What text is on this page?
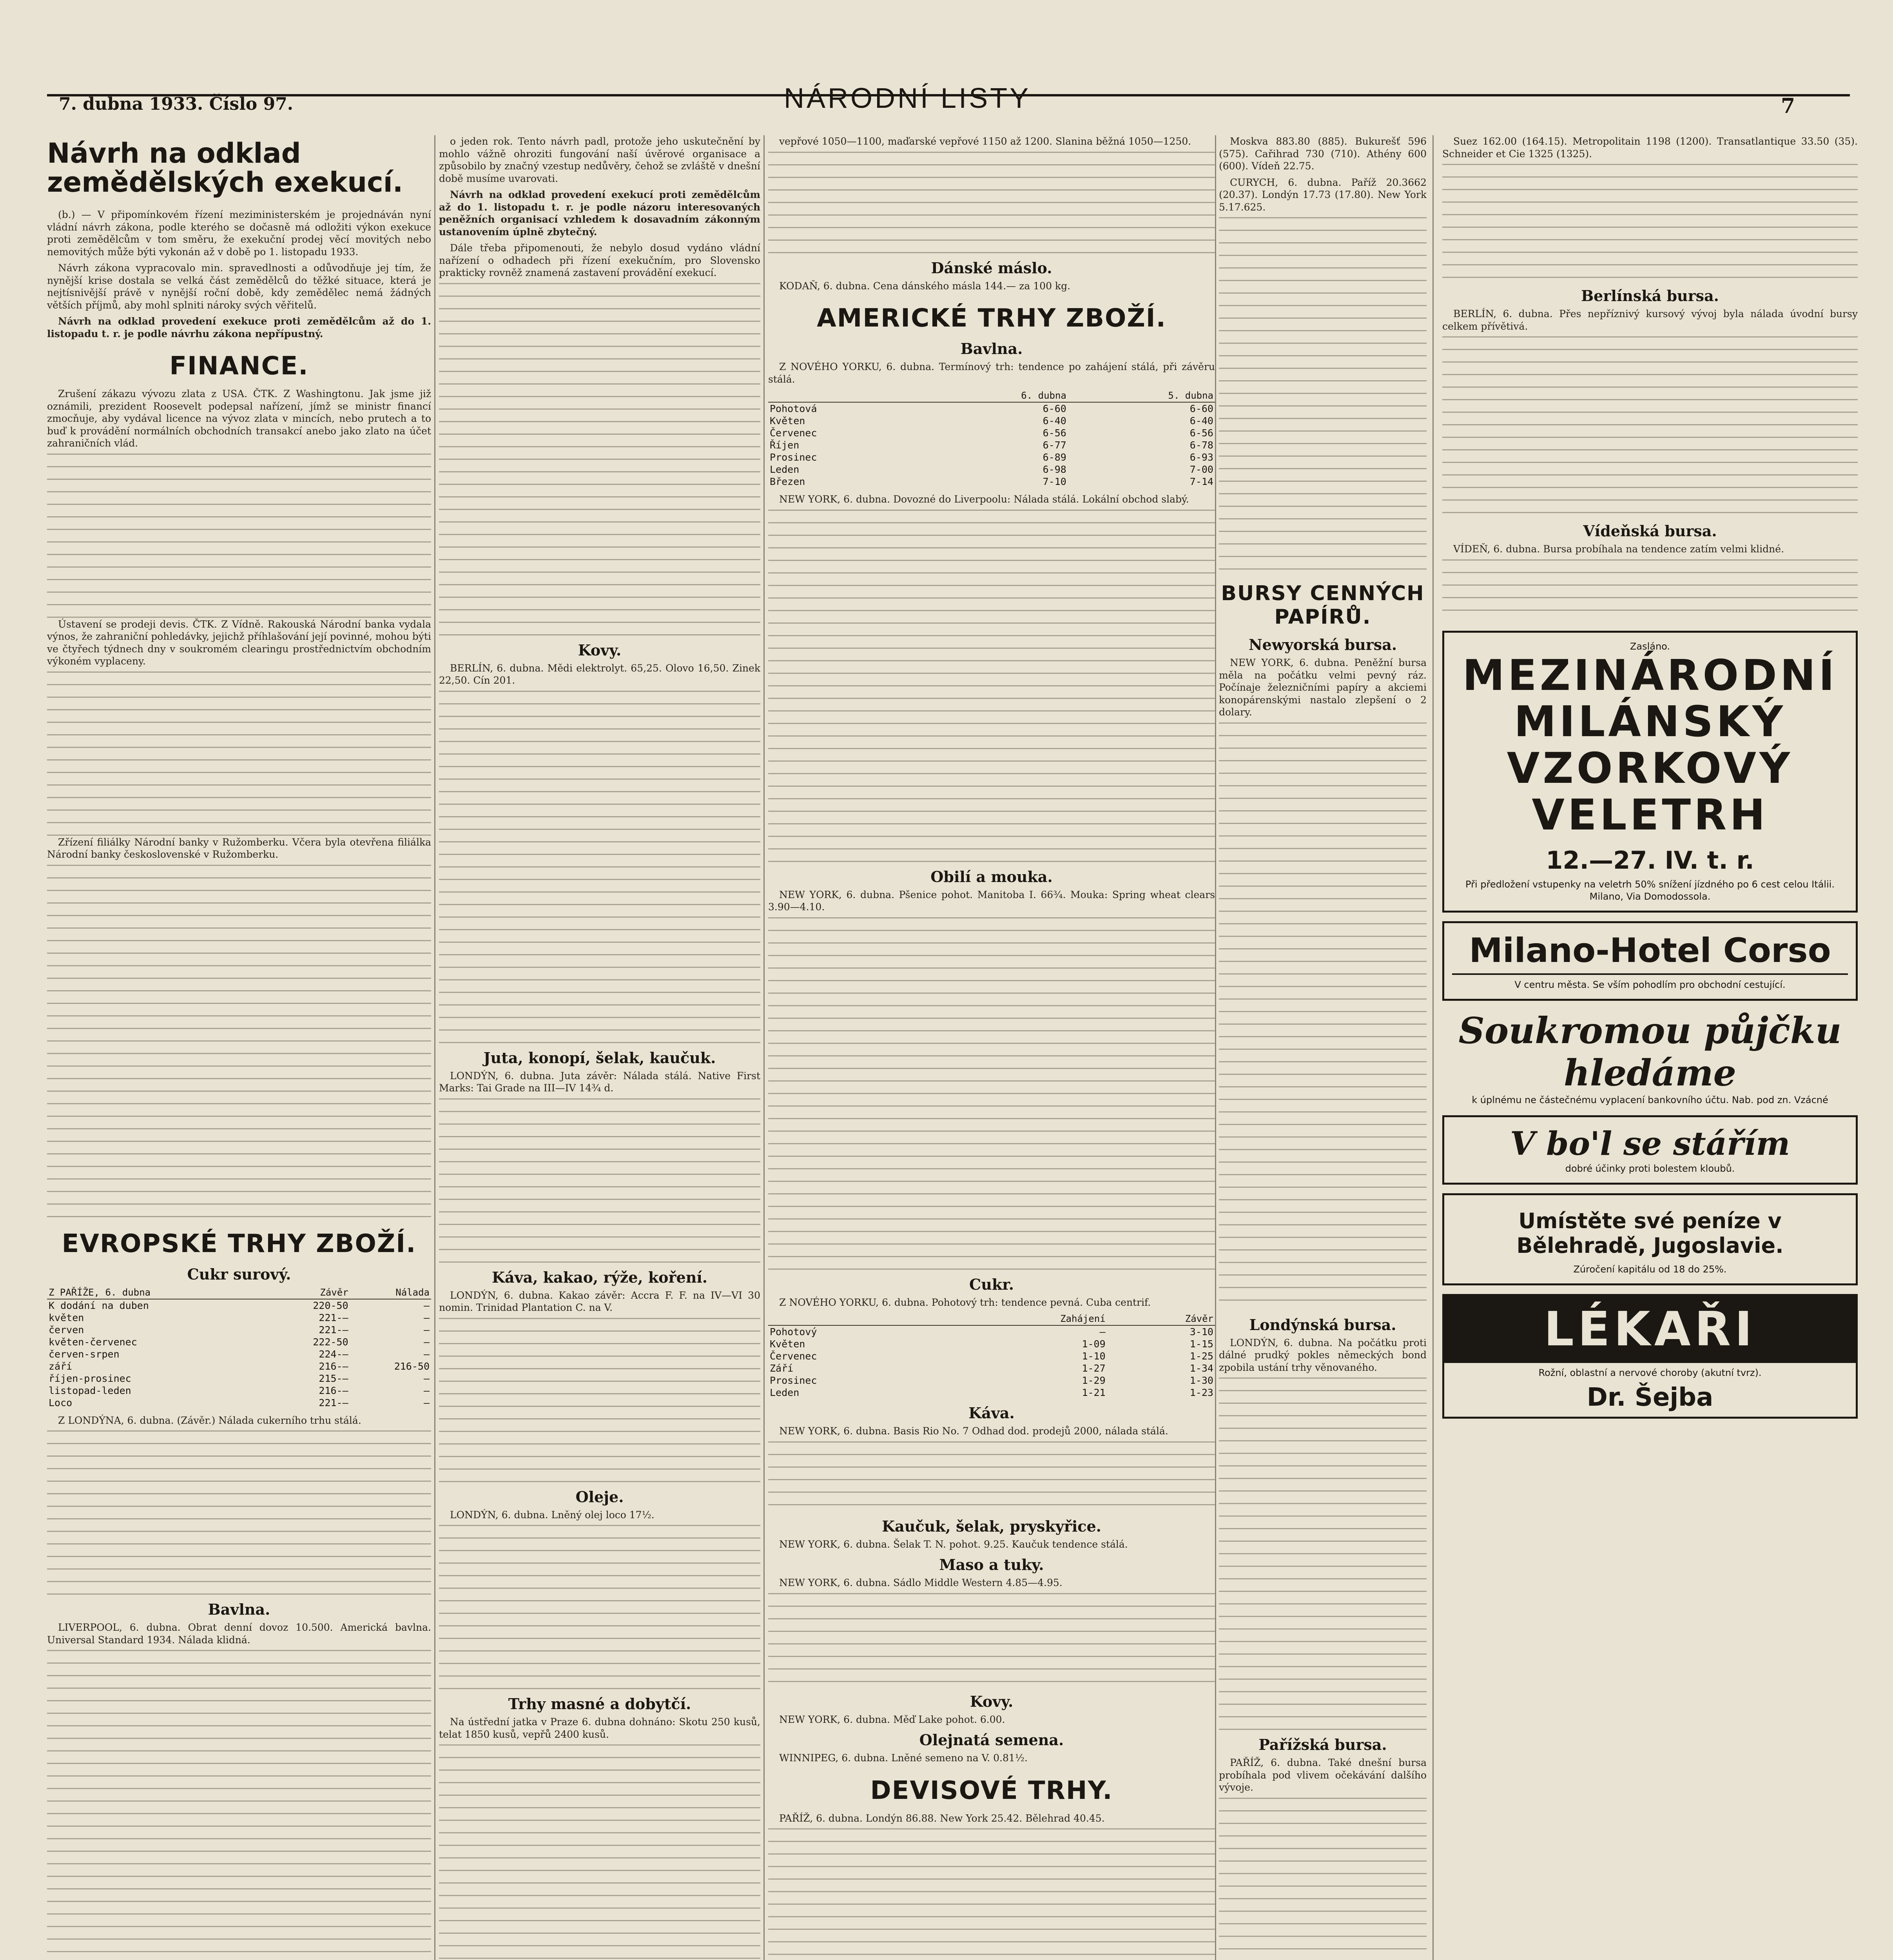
7. dubna 1933. Číslo 97.	NÁRODNÍ LISTY	7
Návrh na odklad zemědělských exekucí.

(b.) — V připomínkovém řízení meziministerském je projednáván nyní vládní návrh zákona, podle kterého se dočasně má odložiti výkon exekuce proti zemědělcům v tom směru, že exekuční prodej věcí movitých nebo nemovitých může býti vykonán až v době po 1. listopadu 1933.

Návrh zákona vypracovalo min. spravedlnosti a odůvodňuje jej tím, že nynější krise dostala se velká část zemědělců do těžké situace, která je nejtísnivější právě v nynější roční době, kdy zemědělec nemá žádných větších příjmů, aby mohl splniti nároky svých věřitelů.

Návrh na odklad provedení exekuce proti zemědělcům až do 1. listopadu t. r. je podle návrhu zákona nepřípustný.

FINANCE.

Zrušení zákazu vývozu zlata z USA. ČTK. Z Washingtonu. Jak jsme již oznámili, prezident Roosevelt podepsal nařízení, jímž se ministr financí zmocňuje, aby vydával licence na vývoz zlata v mincích, nebo prutech a to buď k provádění normálních obchodních transakcí anebo jako zlato na účet zahraničních vlád.

Ústavení se prodeji devis. ČTK. Z Vídně. Rakouská Národní banka vydala výnos, že zahraniční pohledávky, jejichž příhlašování její povinné, mohou býti ve čtyřech týdnech dny v soukromém clearingu prostřednictvím obchodním výkoném vyplaceny.

Zřízení filiálky Národní banky v Ružomberku. Včera byla otevřena filiálka Národní banky československé v Ružomberku.

EVROPSKÉ TRHY ZBOŽÍ.
Cukr surový.
Z PAŘÍŽE, 6. dubna	Závěr	Nálada
K dodání na duben	220-50	—
květen	221-—	—
červen	221-—	—
květen-červenec	222-50	—
červen-srpen	224-—	—
září	216-—	216-50
říjen-prosinec	215-—	—
listopad-leden	216-—	—
Loco	221-—	—

Z LONDÝNA, 6. dubna. (Závěr.) Nálada cukerního trhu stálá.

Bavlna.

LIVERPOOL, 6. dubna. Obrat denní dovoz 10.500. Americká bavlna. Universal Standard 1934. Nálada klidná.

o jeden rok. Tento návrh padl, protože jeho uskutečnění by mohlo vážně ohroziti fungování naší úvěrové organisace a způsobilo by značný vzestup nedůvěry, čehož se zvláště v dnešní době musíme uvarovati.

Návrh na odklad provedení exekucí proti zemědělcům až do 1. listopadu t. r. je podle názoru interesovaných peněžních organisací vzhledem k dosavadním zákonným ustanovením úplně zbytečný.

Dále třeba připomenouti, že nebylo dosud vydáno vládní nařízení o odhadech při řízení exekučním, pro Slovensko prakticky rovněž znamená zastavení provádění exekucí.

Kovy.

BERLÍN, 6. dubna. Mědi elektrolyt. 65,25. Olovo 16,50. Zinek 22,50. Cín 201.

Juta, konopí, šelak, kaučuk.

LONDÝN, 6. dubna. Juta závěr: Nálada stálá. Native First Marks: Tai Grade na III—IV 14¾ d.

Káva, kakao, rýže, koření.

LONDÝN, 6. dubna. Kakao závěr: Accra F. F. na IV—VI 30 nomin. Trinidad Plantation C. na V.

Oleje.

LONDÝN, 6. dubna. Lněný olej loco 17½.

Trhy masné a dobytčí.

Na ústřední jatka v Praze 6. dubna dohnáno: Skotu 250 kusů, telat 1850 kusů, vepřů 2400 kusů.

vepřové 1050—1100, maďarské vepřové 1150 až 1200. Slanina běžná 1050—1250.

Dánské máslo.

KODAŇ, 6. dubna. Cena dánského másla 144.— za 100 kg.

AMERICKÉ TRHY ZBOŽÍ.
Bavlna.

Z NOVÉHO YORKU, 6. dubna. Termínový trh: tendence po zahájení stálá, při závěru stálá.

	6. dubna	5. dubna
Pohotová	6-60	6-60
Květen	6-40	6-40
Červenec	6-56	6-56
Říjen	6-77	6-78
Prosinec	6-89	6-93
Leden	6-98	7-00
Březen	7-10	7-14

NEW YORK, 6. dubna. Dovozné do Liverpoolu: Nálada stálá. Lokální obchod slabý.

Obilí a mouka.

NEW YORK, 6. dubna. Pšenice pohot. Manitoba I. 66¾. Mouka: Spring wheat clears 3.90—4.10.

Cukr.

Z NOVÉHO YORKU, 6. dubna. Pohotový trh: tendence pevná. Cuba centrif.

	Zahájení	Závěr
Pohotový	—	3-10
Květen	1-09	1-15
Červenec	1-10	1-25
Září	1-27	1-34
Prosinec	1-29	1-30
Leden	1-21	1-23
Káva.

NEW YORK, 6. dubna. Basis Rio No. 7 Odhad dod. prodejů 2000, nálada stálá.

Kaučuk, šelak, pryskyřice.

NEW YORK, 6. dubna. Šelak T. N. pohot. 9.25. Kaučuk tendence stálá.

Maso a tuky.

NEW YORK, 6. dubna. Sádlo Middle Western 4.85—4.95.

Kovy.

NEW YORK, 6. dubna. Měď Lake pohot. 6.00.

Olejnatá semena.

WINNIPEG, 6. dubna. Lněné semeno na V. 0.81½.

DEVISOVÉ TRHY.

PAŘÍŽ, 6. dubna. Londýn 86.88. New York 25.42. Bělehrad 40.45.

Moskva 883.80 (885). Bukurešť 596 (575). Cařihrad 730 (710). Athény 600 (600). Vídeň 22.75.

CURYCH, 6. dubna. Paříž 20.3662 (20.37). Londýn 17.73 (17.80). New York 5.17.625.

BURSY CENNÝCH PAPÍRŮ.
Newyorská bursa.

NEW YORK, 6. dubna. Peněžní bursa měla na počátku velmi pevný ráz. Počínaje železničními papíry a akciemi konopárenskými nastalo zlepšení o 2 dolary.

Londýnská bursa.

LONDÝN, 6. dubna. Na počátku proti dálné prudký pokles německých bond zpobila ustání trhy věnovaného.

Pařížská bursa.

PAŘÍŽ, 6. dubna. Také dnešní bursa probíhala pod vlivem očekávání dalšího vývoje.

Suez 162.00 (164.15). Metropolitain 1198 (1200). Transatlantique 33.50 (35). Schneider et Cie 1325 (1325).

Berlínská bursa.

BERLÍN, 6. dubna. Přes nepříznivý kursový vývoj byla nálada úvodní bursy celkem přívětivá.

Vídeňská bursa.

VÍDEŇ, 6. dubna. Bursa probíhala na tendence zatím velmi klidné.

Zasláno.
MEZINÁRODNÍ
MILÁNSKÝ
VZORKOVÝ
VELETRH
12.—27. IV. t. r.
Při předložení vstupenky na veletrh 50% snížení jízdného po 6 cest celou Itálii. Milano, Via Domodossola.
Milano-Hotel Corso
V centru města. Se vším pohodlím pro obchodní cestující.
Soukromou půjčku hledáme
k úplnému ne částečnému vyplacení bankovního účtu. Nab. pod zn. Vzácné
V bo'l se stářím
dobré účinky proti bolestem kloubů.
Umístěte své peníze v Bělehradě, Jugoslavie.
Zúročení kapitálu od 18 do 25%.
LÉKAŘI
Rožní, oblastní a nervové choroby (akutní tvrz).
Dr. Šejba
